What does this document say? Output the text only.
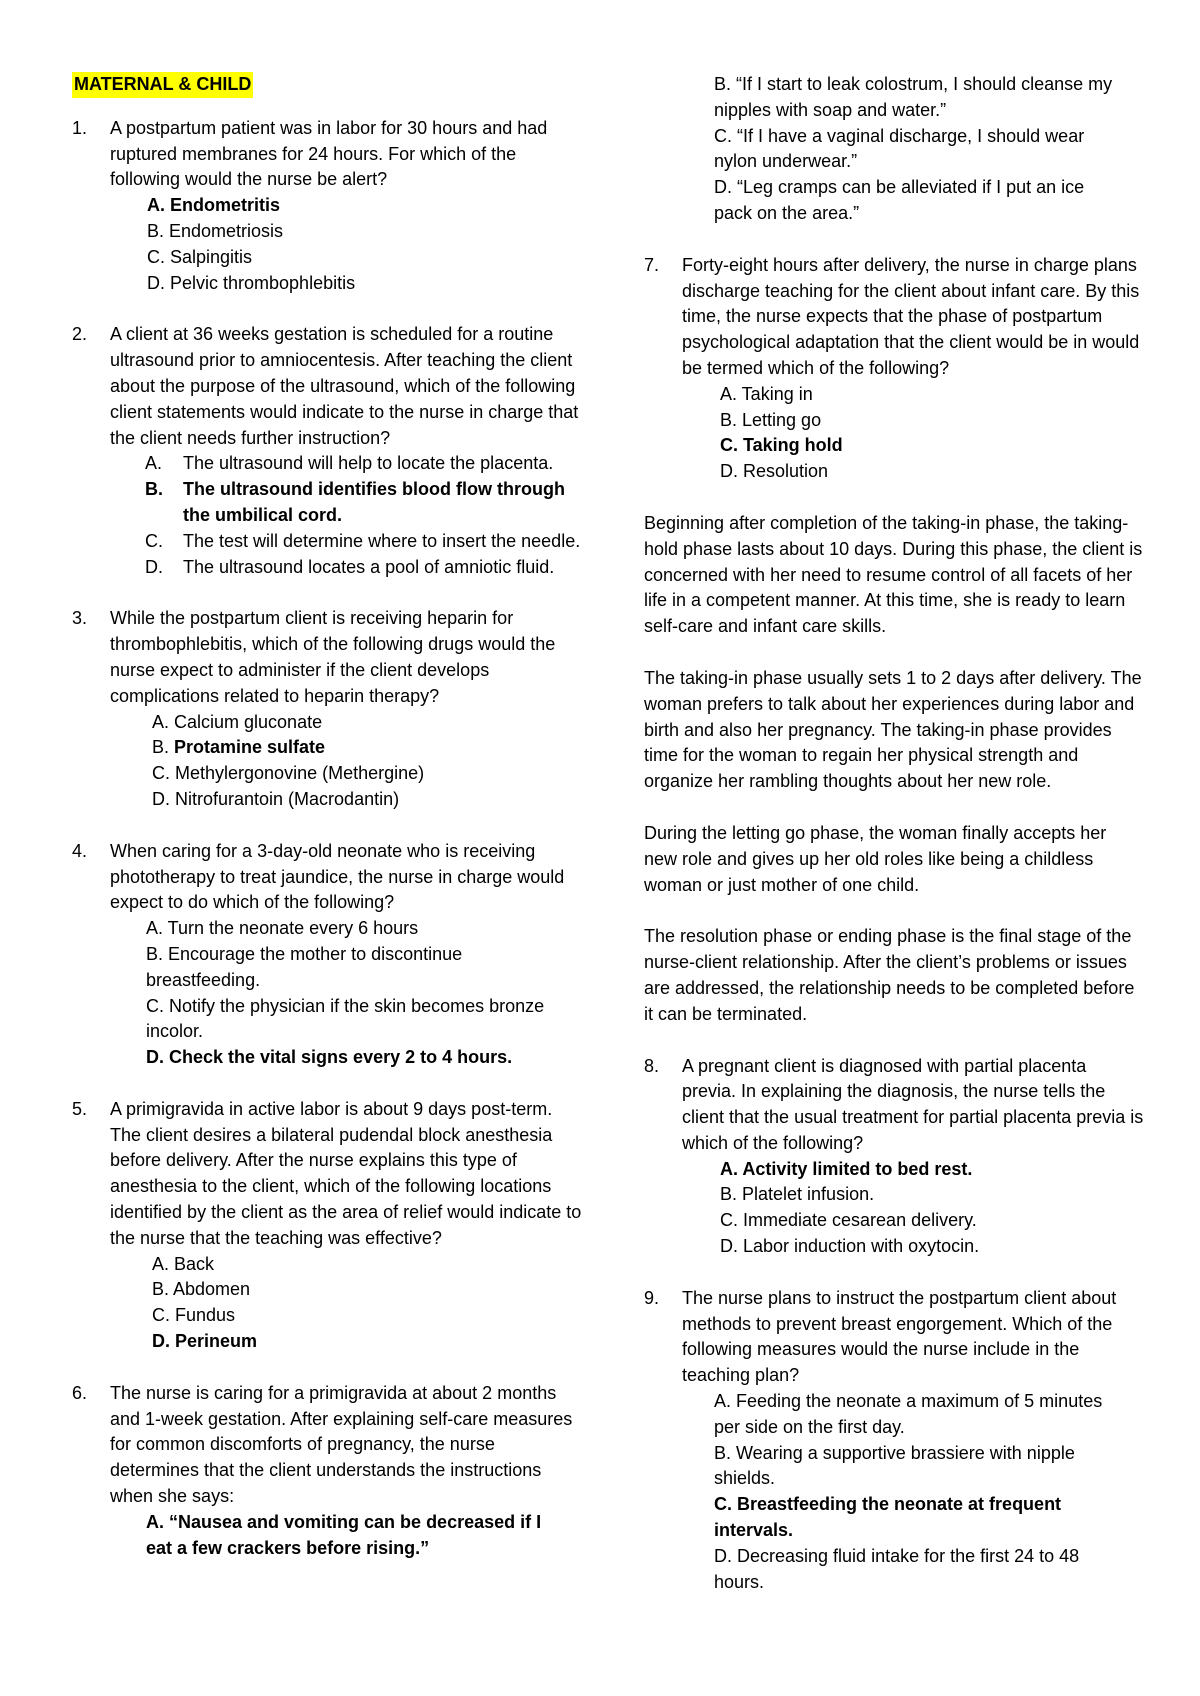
MATERNAL & CHILD
1. A postpartum patient was in labor for 30 hours and had ruptured membranes for 24 hours. For which of the following would the nurse be alert?
A. Endometritis
B. Endometriosis
C. Salpingitis
D. Pelvic thrombophlebitis
2. A client at 36 weeks gestation is scheduled for a routine ultrasound prior to amniocentesis. After teaching the client about the purpose of the ultrasound, which of the following client statements would indicate to the nurse in charge that the client needs further instruction?
A. The ultrasound will help to locate the placenta.
B. The ultrasound identifies blood flow through the umbilical cord.
C. The test will determine where to insert the needle.
D. The ultrasound locates a pool of amniotic fluid.
3. While the postpartum client is receiving heparin for thrombophlebitis, which of the following drugs would the nurse expect to administer if the client develops complications related to heparin therapy?
A. Calcium gluconate
B. Protamine sulfate
C. Methylergonovine (Methergine)
D. Nitrofurantoin (Macrodantin)
4. When caring for a 3-day-old neonate who is receiving phototherapy to treat jaundice, the nurse in charge would expect to do which of the following?
A. Turn the neonate every 6 hours
B. Encourage the mother to discontinue breastfeeding.
C. Notify the physician if the skin becomes bronze incolor.
D. Check the vital signs every 2 to 4 hours.
5. A primigravida in active labor is about 9 days post-term. The client desires a bilateral pudendal block anesthesia before delivery. After the nurse explains this type of anesthesia to the client, which of the following locations identified by the client as the area of relief would indicate to the nurse that the teaching was effective?
A. Back
B. Abdomen
C. Fundus
D. Perineum
6. The nurse is caring for a primigravida at about 2 months and 1-week gestation. After explaining self-care measures for common discomforts of pregnancy, the nurse determines that the client understands the instructions when she says:
A. “Nausea and vomiting can be decreased if I eat a few crackers before rising.”
B. “If I start to leak colostrum, I should cleanse my nipples with soap and water.”
C. “If I have a vaginal discharge, I should wear nylon underwear.”
D. “Leg cramps can be alleviated if I put an ice pack on the area.”
7. Forty-eight hours after delivery, the nurse in charge plans discharge teaching for the client about infant care. By this time, the nurse expects that the phase of postpartum psychological adaptation that the client would be in would be termed which of the following?
A. Taking in
B. Letting go
C. Taking hold
D. Resolution
Beginning after completion of the taking-in phase, the taking-hold phase lasts about 10 days. During this phase, the client is concerned with her need to resume control of all facets of her life in a competent manner. At this time, she is ready to learn self-care and infant care skills.
The taking-in phase usually sets 1 to 2 days after delivery. The woman prefers to talk about her experiences during labor and birth and also her pregnancy. The taking-in phase provides time for the woman to regain her physical strength and organize her rambling thoughts about her new role.
During the letting go phase, the woman finally accepts her new role and gives up her old roles like being a childless woman or just mother of one child.
The resolution phase or ending phase is the final stage of the nurse-client relationship. After the client’s problems or issues are addressed, the relationship needs to be completed before it can be terminated.
8. A pregnant client is diagnosed with partial placenta previa. In explaining the diagnosis, the nurse tells the client that the usual treatment for partial placenta previa is which of the following?
A. Activity limited to bed rest.
B. Platelet infusion.
C. Immediate cesarean delivery.
D. Labor induction with oxytocin.
9. The nurse plans to instruct the postpartum client about methods to prevent breast engorgement. Which of the following measures would the nurse include in the teaching plan?
A. Feeding the neonate a maximum of 5 minutes per side on the first day.
B. Wearing a supportive brassiere with nipple shields.
C. Breastfeeding the neonate at frequent intervals.
D. Decreasing fluid intake for the first 24 to 48 hours.
